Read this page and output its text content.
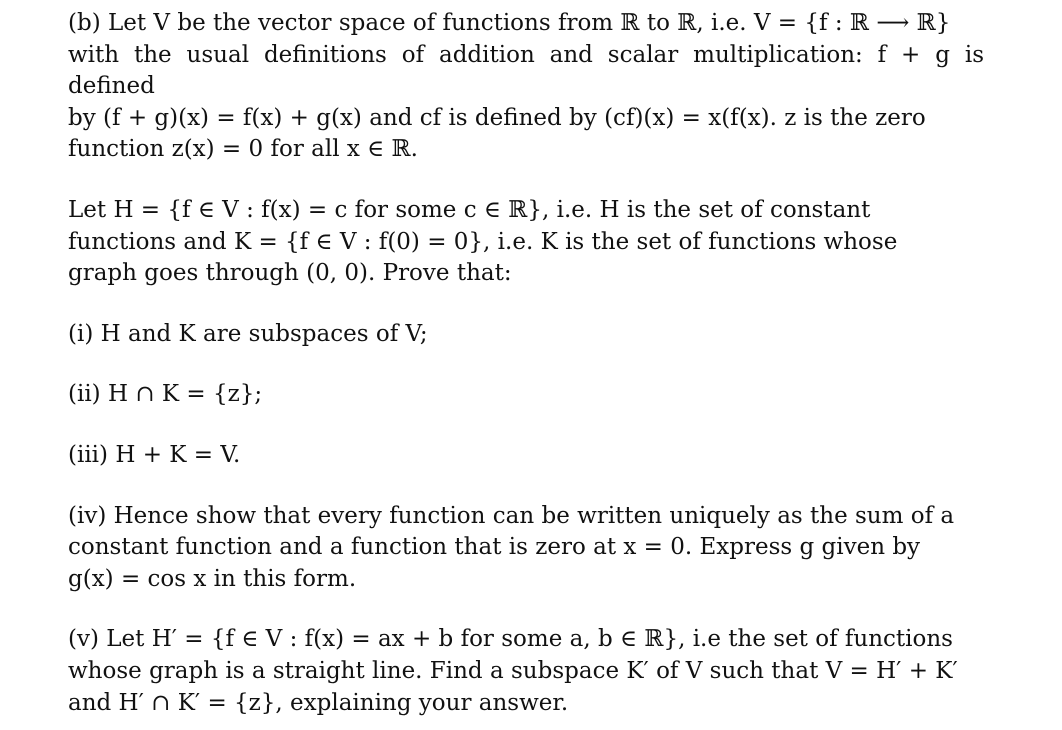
(b) Let V be the vector space of functions from ℝ to ℝ, i.e. V = {f : ℝ ⟶ ℝ}
with the usual definitions of addition and scalar multiplication: f + g is defined
by (f + g)(x) = f(x) + g(x) and cf is defined by (cf)(x) = x(f(x). z is the zero
function z(x) = 0 for all x ∈ ℝ.
Let H = {f ∈ V : f(x) = c for some c ∈ ℝ}, i.e. H is the set of constant
functions and K = {f ∈ V : f(0) = 0}, i.e. K is the set of functions whose
graph goes through (0, 0). Prove that:
(i) H and K are subspaces of V;
(ii) H ∩ K = {z};
(iii) H + K = V.
(iv) Hence show that every function can be written uniquely as the sum of a
constant function and a function that is zero at x = 0. Express g given by
g(x) = cos x in this form.
(v) Let H′ = {f ∈ V : f(x) = ax + b for some a, b ∈ ℝ}, i.e the set of functions
whose graph is a straight line. Find a subspace K′ of V such that V = H′ + K′
and H′ ∩ K′ = {z}, explaining your answer.
